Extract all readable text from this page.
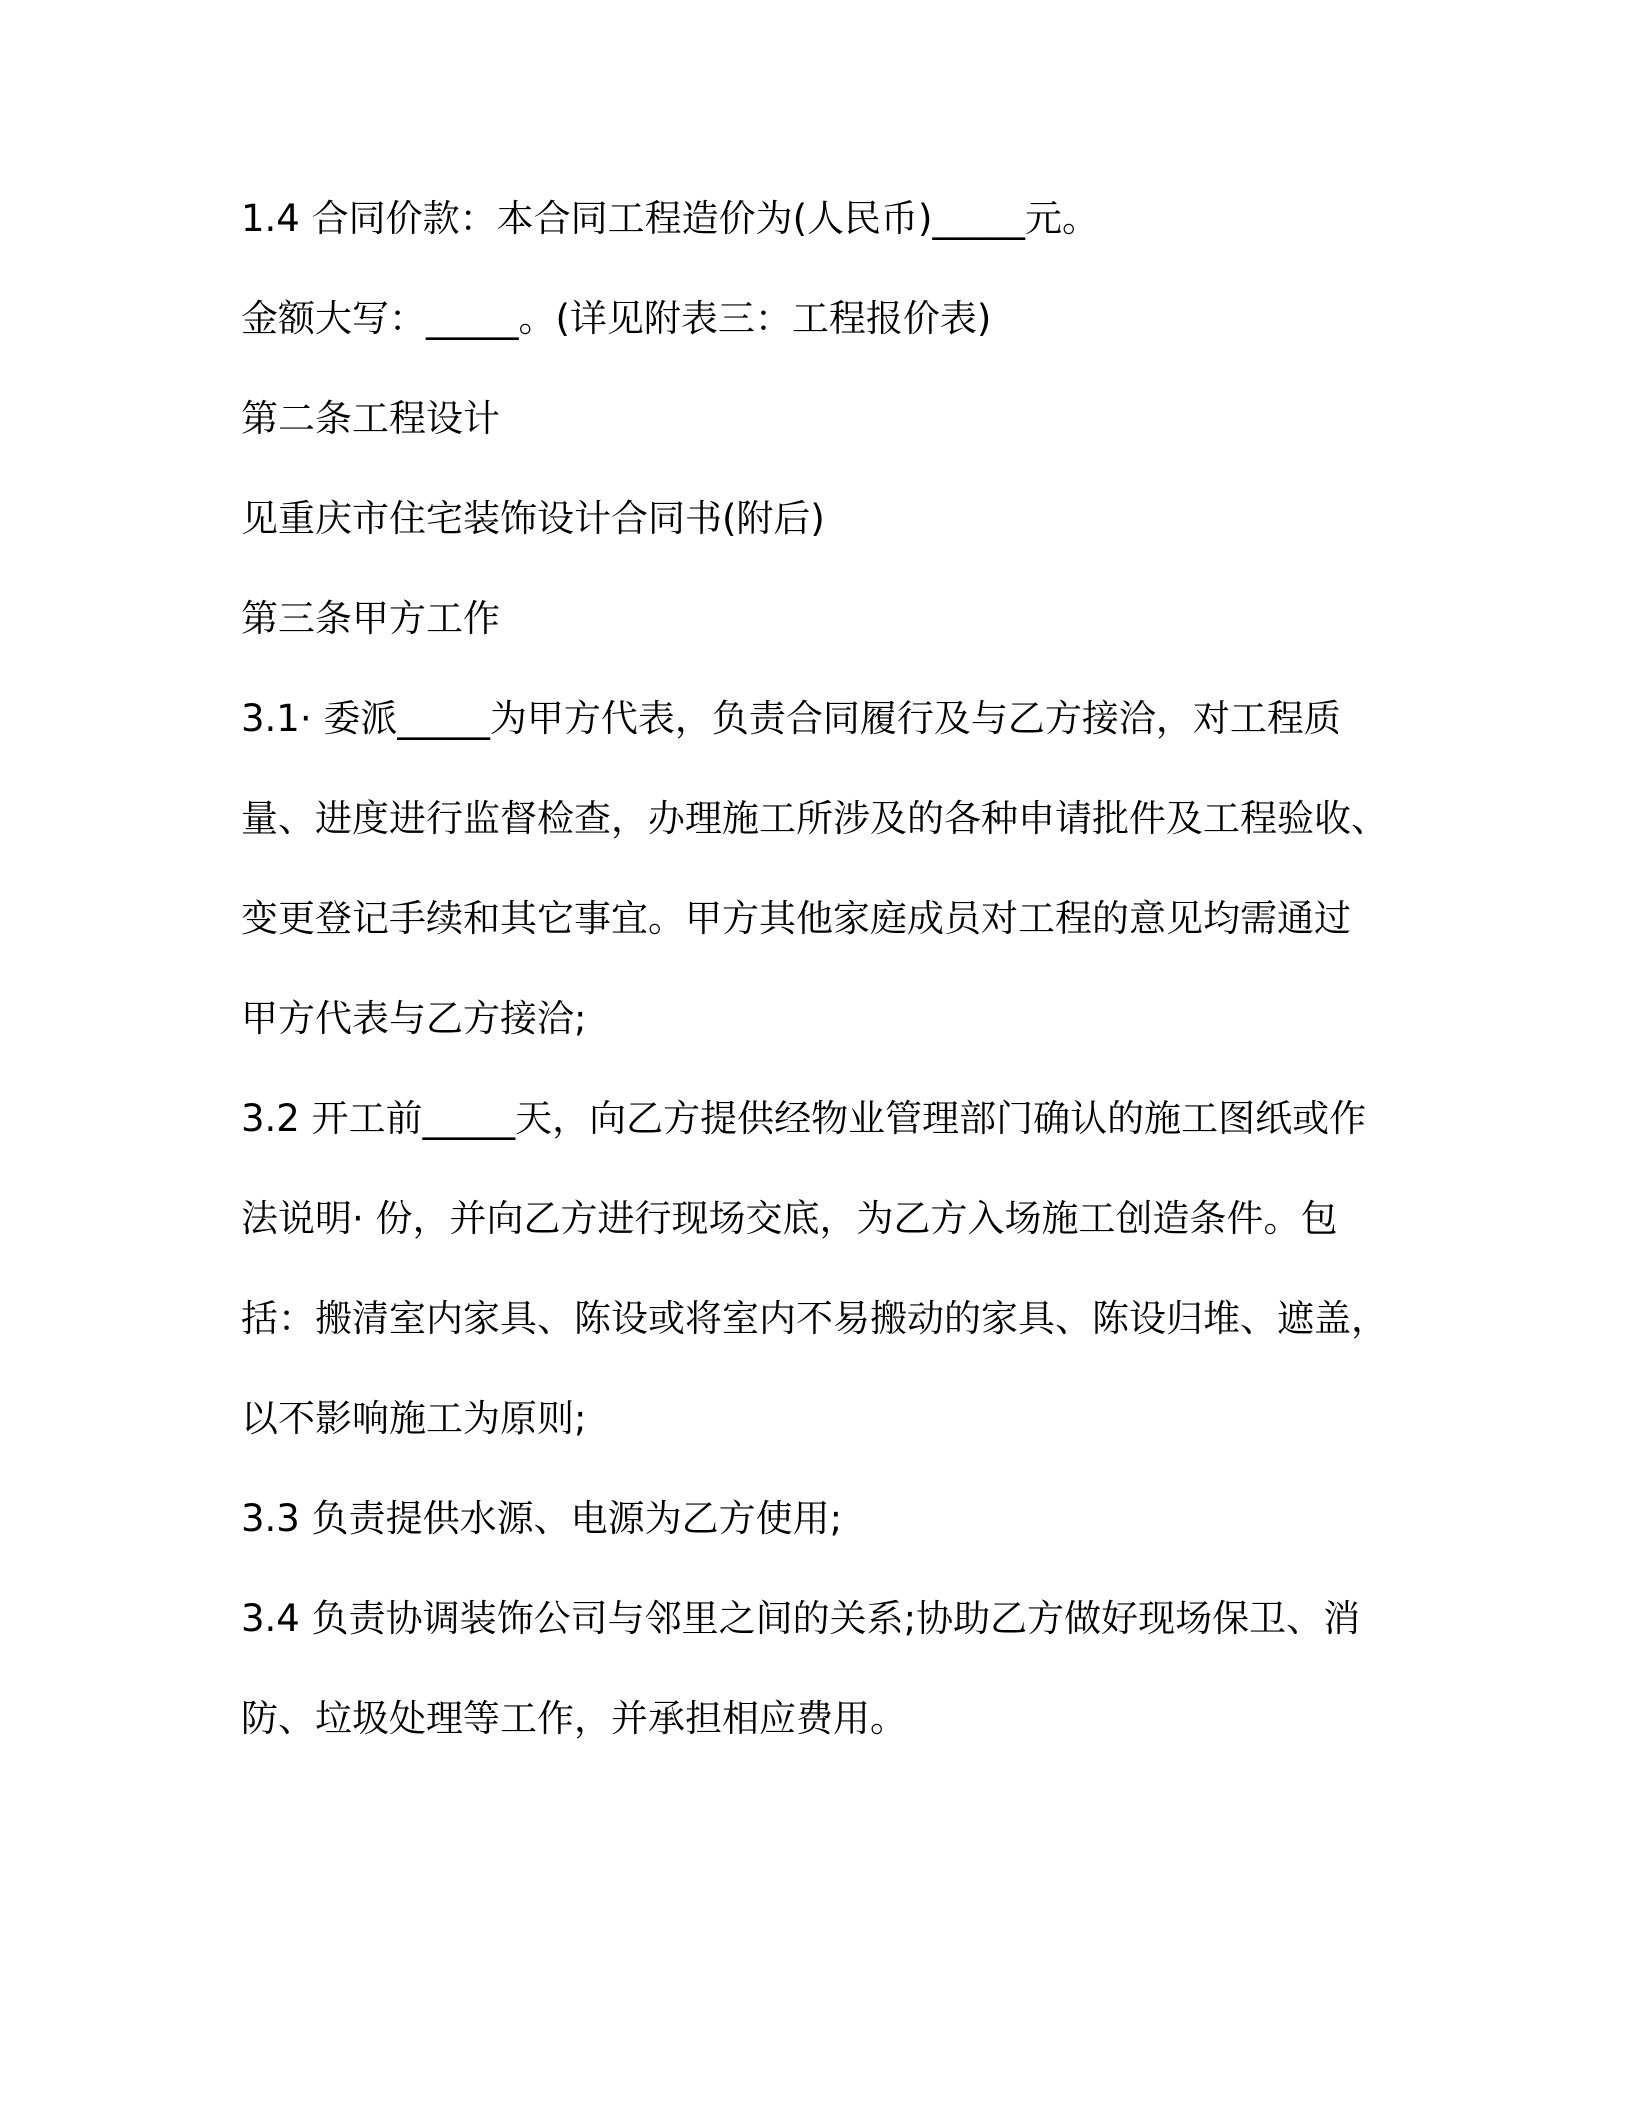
1.4 合同价款：本合同工程造价为(人民币)_____元。
金额大写：_____。(详见附表三：工程报价表)
第二条工程设计
见重庆市住宅装饰设计合同书(附后)
第三条甲方工作
3.1· 委派_____为甲方代表，负责合同履行及与乙方接洽，对工程质
量、进度进行监督检查，办理施工所涉及的各种申请批件及工程验收、
变更登记手续和其它事宜。甲方其他家庭成员对工程的意见均需通过
甲方代表与乙方接洽;
3.2 开工前_____天，向乙方提供经物业管理部门确认的施工图纸或作
法说明· 份，并向乙方进行现场交底，为乙方入场施工创造条件。包
括：搬清室内家具、陈设或将室内不易搬动的家具、陈设归堆、遮盖，
以不影响施工为原则;
3.3 负责提供水源、电源为乙方使用;
3.4 负责协调装饰公司与邻里之间的关系;协助乙方做好现场保卫、消
防、垃圾处理等工作，并承担相应费用。
